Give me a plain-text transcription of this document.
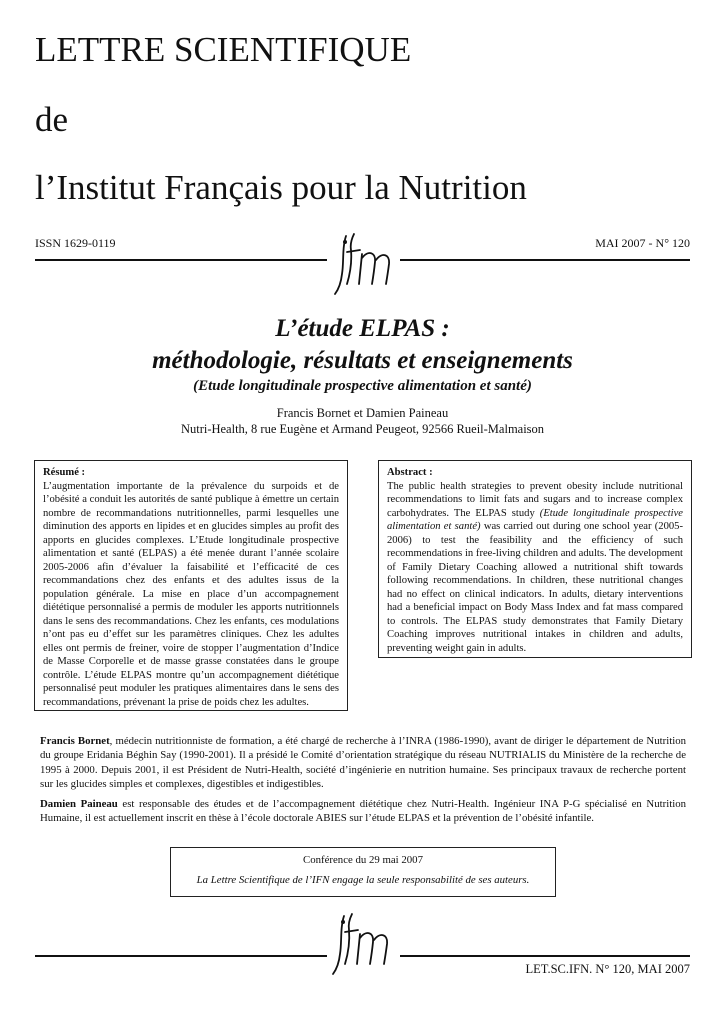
LETTRE SCIENTIFIQUE
de
l’Institut Français pour la Nutrition
ISSN 1629-0119	MAI 2007 - N° 120
L’étude ELPAS :
méthodologie, résultats et enseignements
(Etude longitudinale prospective alimentation et santé)
Francis Bornet et Damien Paineau
Nutri-Health, 8 rue Eugène et Armand Peugeot, 92566 Rueil-Malmaison
Résumé :
L’augmentation importante de la prévalence du surpoids et de l’obésité a conduit les autorités de santé publique à émettre un certain nombre de recommandations nutritionnelles, parmi lesquelles une diminution des apports en lipides et en glucides simples au profit des apports en glucides complexes. L’Etude longitudinale prospective alimentation et santé (ELPAS) a été menée durant l’année scolaire 2005-2006 afin d’évaluer la faisabilité et l’efficacité de ces recommandations chez des enfants et des adultes issus de la population générale. La mise en place d’un accompagnement diététique personnalisé a permis de moduler les apports nutritionnels dans le sens des recommandations. Chez les enfants, ces modulations n’ont pas eu d’effet sur les paramètres cliniques. Chez les adultes elles ont permis de freiner, voire de stopper l’augmentation d’Indice de Masse Corporelle et de masse grasse constatées dans le groupe contrôle. L’étude ELPAS montre qu’un accompagnement diététique personnalisé peut moduler les pratiques alimentaires dans le sens des recommandations, prévenant la prise de poids chez les adultes.
Abstract :
The public health strategies to prevent obesity include nutritional recommendations to limit fats and sugars and to increase complex carbohydrates. The ELPAS study (Etude longitudinale prospective alimentation et santé) was carried out during one school year (2005-2006) to test the feasibility and the efficiency of such recommendations in free-living children and adults. The development of Family Dietary Coaching allowed a nutritional shift towards following recommendations. In children, these nutritional changes had no effect on clinical indicators. In adults, dietary interventions had a beneficial impact on Body Mass Index and fat mass compared to controls. The ELPAS study demonstrates that Family Dietary Coaching improves nutritional intakes in children and adults, preventing weight gain in adults.
Francis Bornet, médecin nutritionniste de formation, a été chargé de recherche à l’INRA (1986-1990), avant de diriger le département de Nutrition du groupe Eridania Béghin Say (1990-2001). Il a présidé le Comité d’orientation stratégique du réseau NUTRIALIS du Ministère de la recherche de 1995 à 2000. Depuis 2001, il est Président de Nutri-Health, société d’ingénierie en nutrition humaine. Ses principaux travaux de recherche portent sur les glucides simples et complexes, digestibles et indigestibles.
Damien Paineau est responsable des études et de l’accompagnement diététique chez Nutri-Health. Ingénieur INA P-G spécialisé en Nutrition Humaine, il est actuellement inscrit en thèse à l’école doctorale ABIES sur l’étude ELPAS et la prévention de l’obésité infantile.
Conférence du 29 mai 2007
La Lettre Scientifique de l’IFN engage la seule responsabilité de ses auteurs.
LET.SC.IFN. N° 120, MAI 2007
